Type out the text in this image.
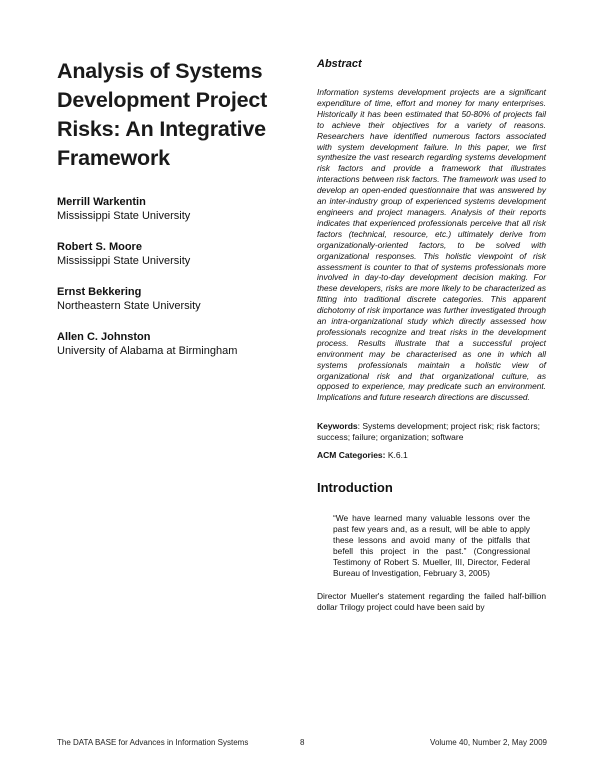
Analysis of Systems Development Project Risks: An Integrative Framework
Merrill Warkentin
Mississippi State University
Robert S. Moore
Mississippi State University
Ernst Bekkering
Northeastern State University
Allen C. Johnston
University of Alabama at Birmingham
Abstract

Information systems development projects are a significant expenditure of time, effort and money for many enterprises. Historically it has been estimated that 50-80% of projects fail to achieve their objectives for a variety of reasons. Researchers have identified numerous factors associated with system development failure. In this paper, we first synthesize the vast research regarding systems development risk factors and provide a framework that illustrates interactions between risk factors. The framework was used to develop an open-ended questionnaire that was answered by an inter-industry group of experienced systems development engineers and project managers. Analysis of their reports indicates that experienced professionals perceive that all risk factors (technical, resource, etc.) ultimately derive from organizationally-oriented factors, to be solved with organizational responses. This holistic viewpoint of risk assessment is counter to that of systems professionals more involved in day-to-day development decision making. For these developers, risks are more likely to be characterized as fitting into traditional discrete categories. This apparent dichotomy of risk importance was further investigated through an intra-organizational study which directly assessed how professionals recognize and treat risks in the development process. Results illustrate that a successful project environment may be characterised as one in which all systems professionals maintain a holistic view of organizational risk and that organizational culture, as opposed to experience, may predicate such an environment. Implications and future research directions are discussed.

Keywords: Systems development; project risk; risk factors; success; failure; organization; software
ACM Categories: K.6.1
Introduction
“We have learned many valuable lessons over the past few years and, as a result, will be able to apply these lessons and avoid many of the pitfalls that befell this project in the past.” (Congressional Testimony of Robert S. Mueller, III, Director, Federal Bureau of Investigation, February 3, 2005)
Director Mueller's statement regarding the failed half-billion dollar Trilogy project could have been said by
The DATA BASE for Advances in Information Systems	8	Volume 40, Number 2, May 2009
